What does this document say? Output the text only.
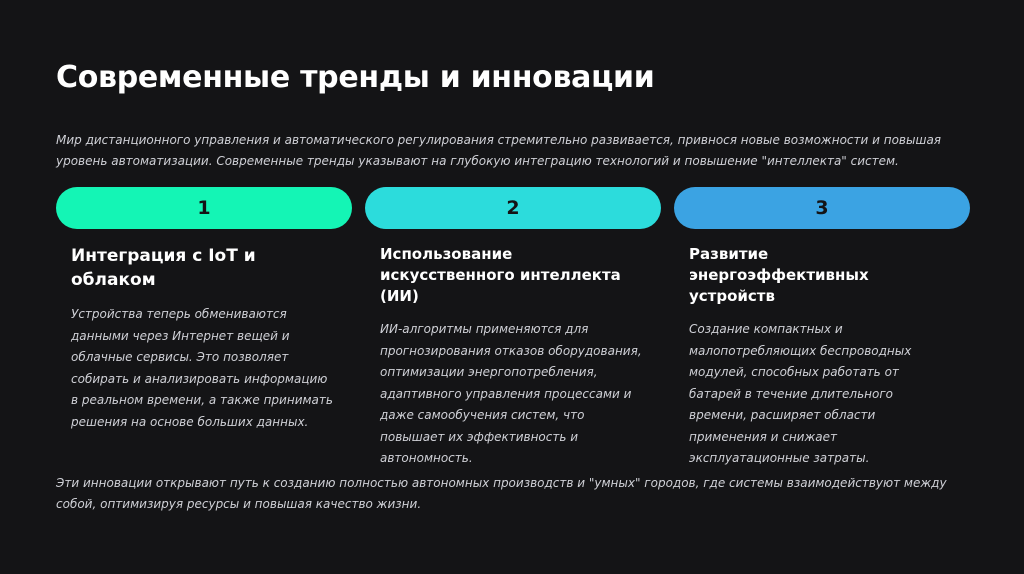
Современные тренды и инновации

Мир дистанционного управления и автоматического регулирования стремительно развивается, привнося новые возможности и повышая уровень автоматизации. Современные тренды указывают на глубокую интеграцию технологий и повышение "интеллекта" систем.

1
Интеграция с IoT и облаком
Устройства теперь обмениваются данными через Интернет вещей и облачные сервисы. Это позволяет собирать и анализировать информацию в реальном времени, а также принимать решения на основе больших данных.
2
Использование искусственного интеллекта (ИИ)
ИИ-алгоритмы применяются для прогнозирования отказов оборудования, оптимизации энергопотребления, адаптивного управления процессами и даже самообучения систем, что повышает их эффективность и автономность.
3
Развитие энергоэффективных устройств
Создание компактных и малопотребляющих беспроводных модулей, способных работать от батарей в течение длительного времени, расширяет области применения и снижает эксплуатационные затраты.

Эти инновации открывают путь к созданию полностью автономных производств и "умных" городов, где системы взаимодействуют между собой, оптимизируя ресурсы и повышая качество жизни.
